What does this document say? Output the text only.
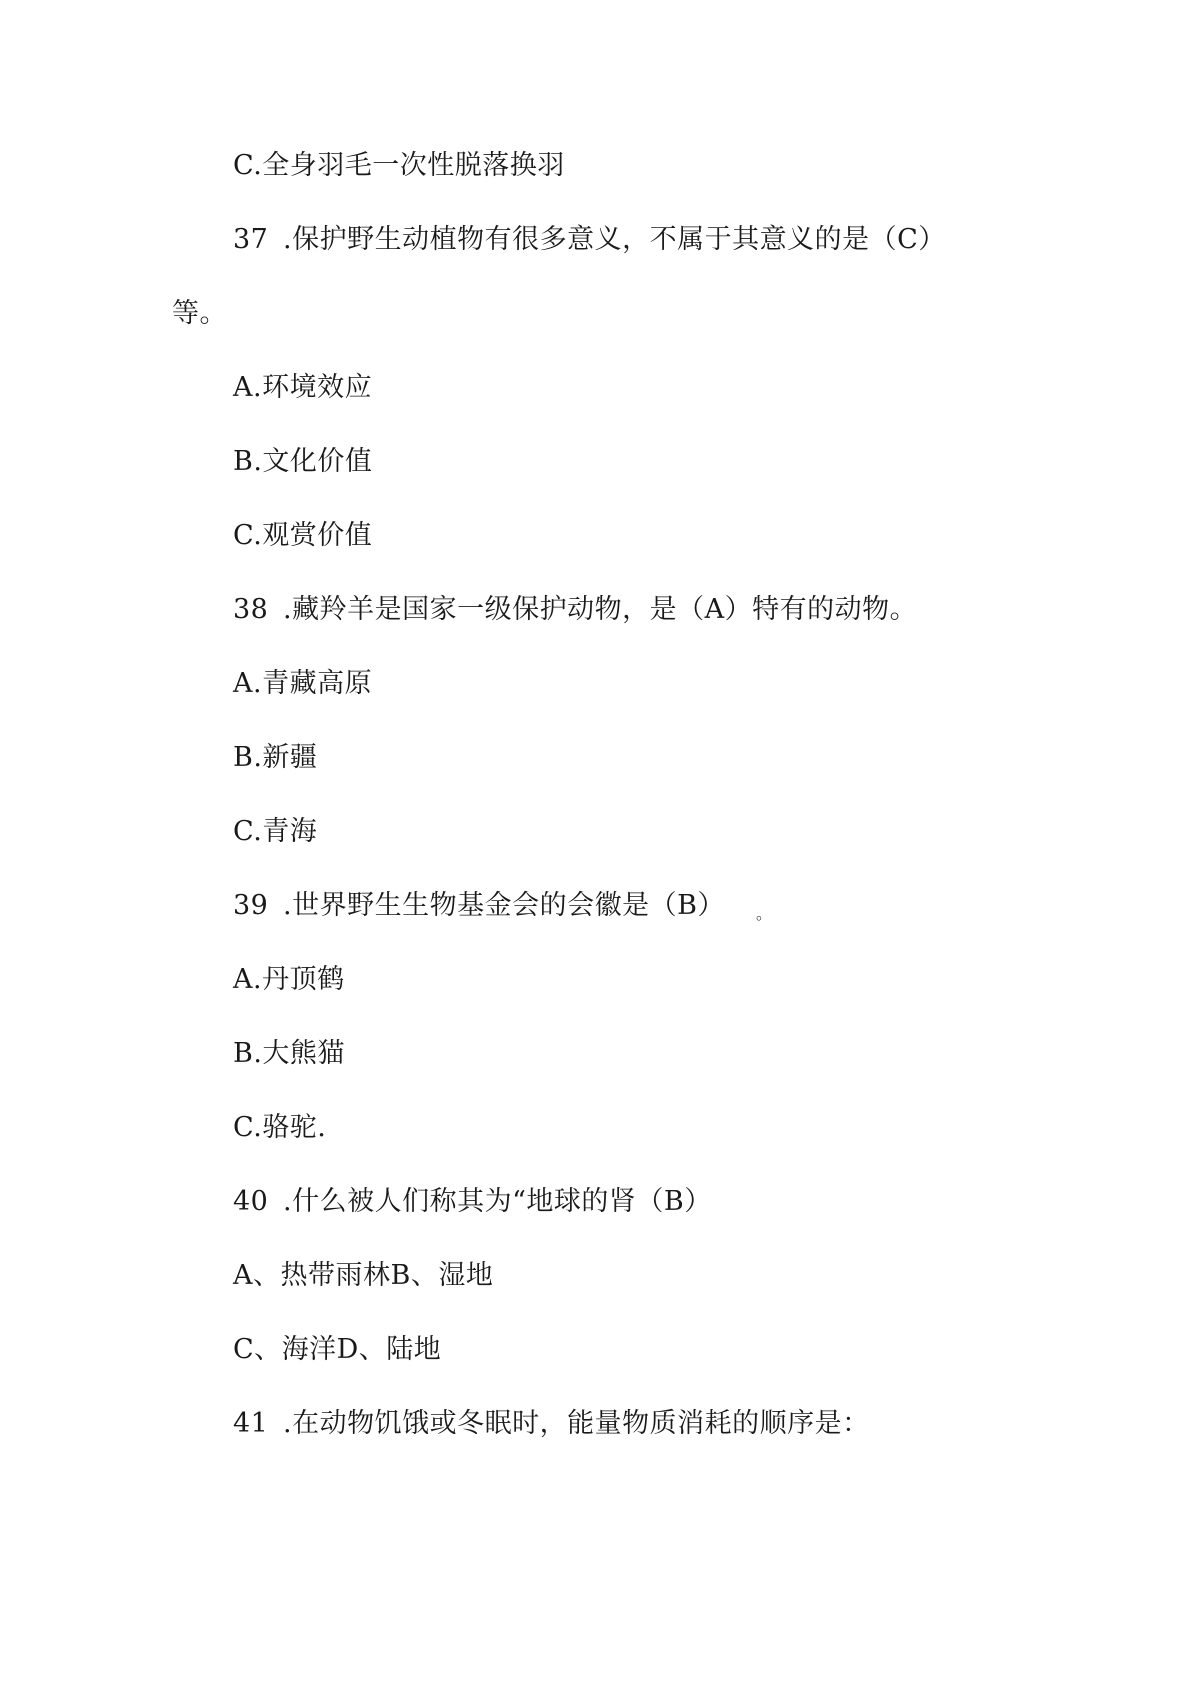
C.全身羽毛一次性脱落换羽
37 .保护野生动植物有很多意义，不属于其意义的是（C）
等。
A.环境效应
B.文化价值
C.观赏价值
38 .藏羚羊是国家一级保护动物，是（A）特有的动物。
A.青藏高原
B.新疆
C.青海
39 .世界野生生物基金会的会徽是（B） 。
A.丹顶鹤
B.大熊猫
C.骆驼.
40 .什么被人们称其为“地球的肾（B）
A、热带雨林B、湿地
C、海洋D、陆地
41 .在动物饥饿或冬眠时，能量物质消耗的顺序是：
